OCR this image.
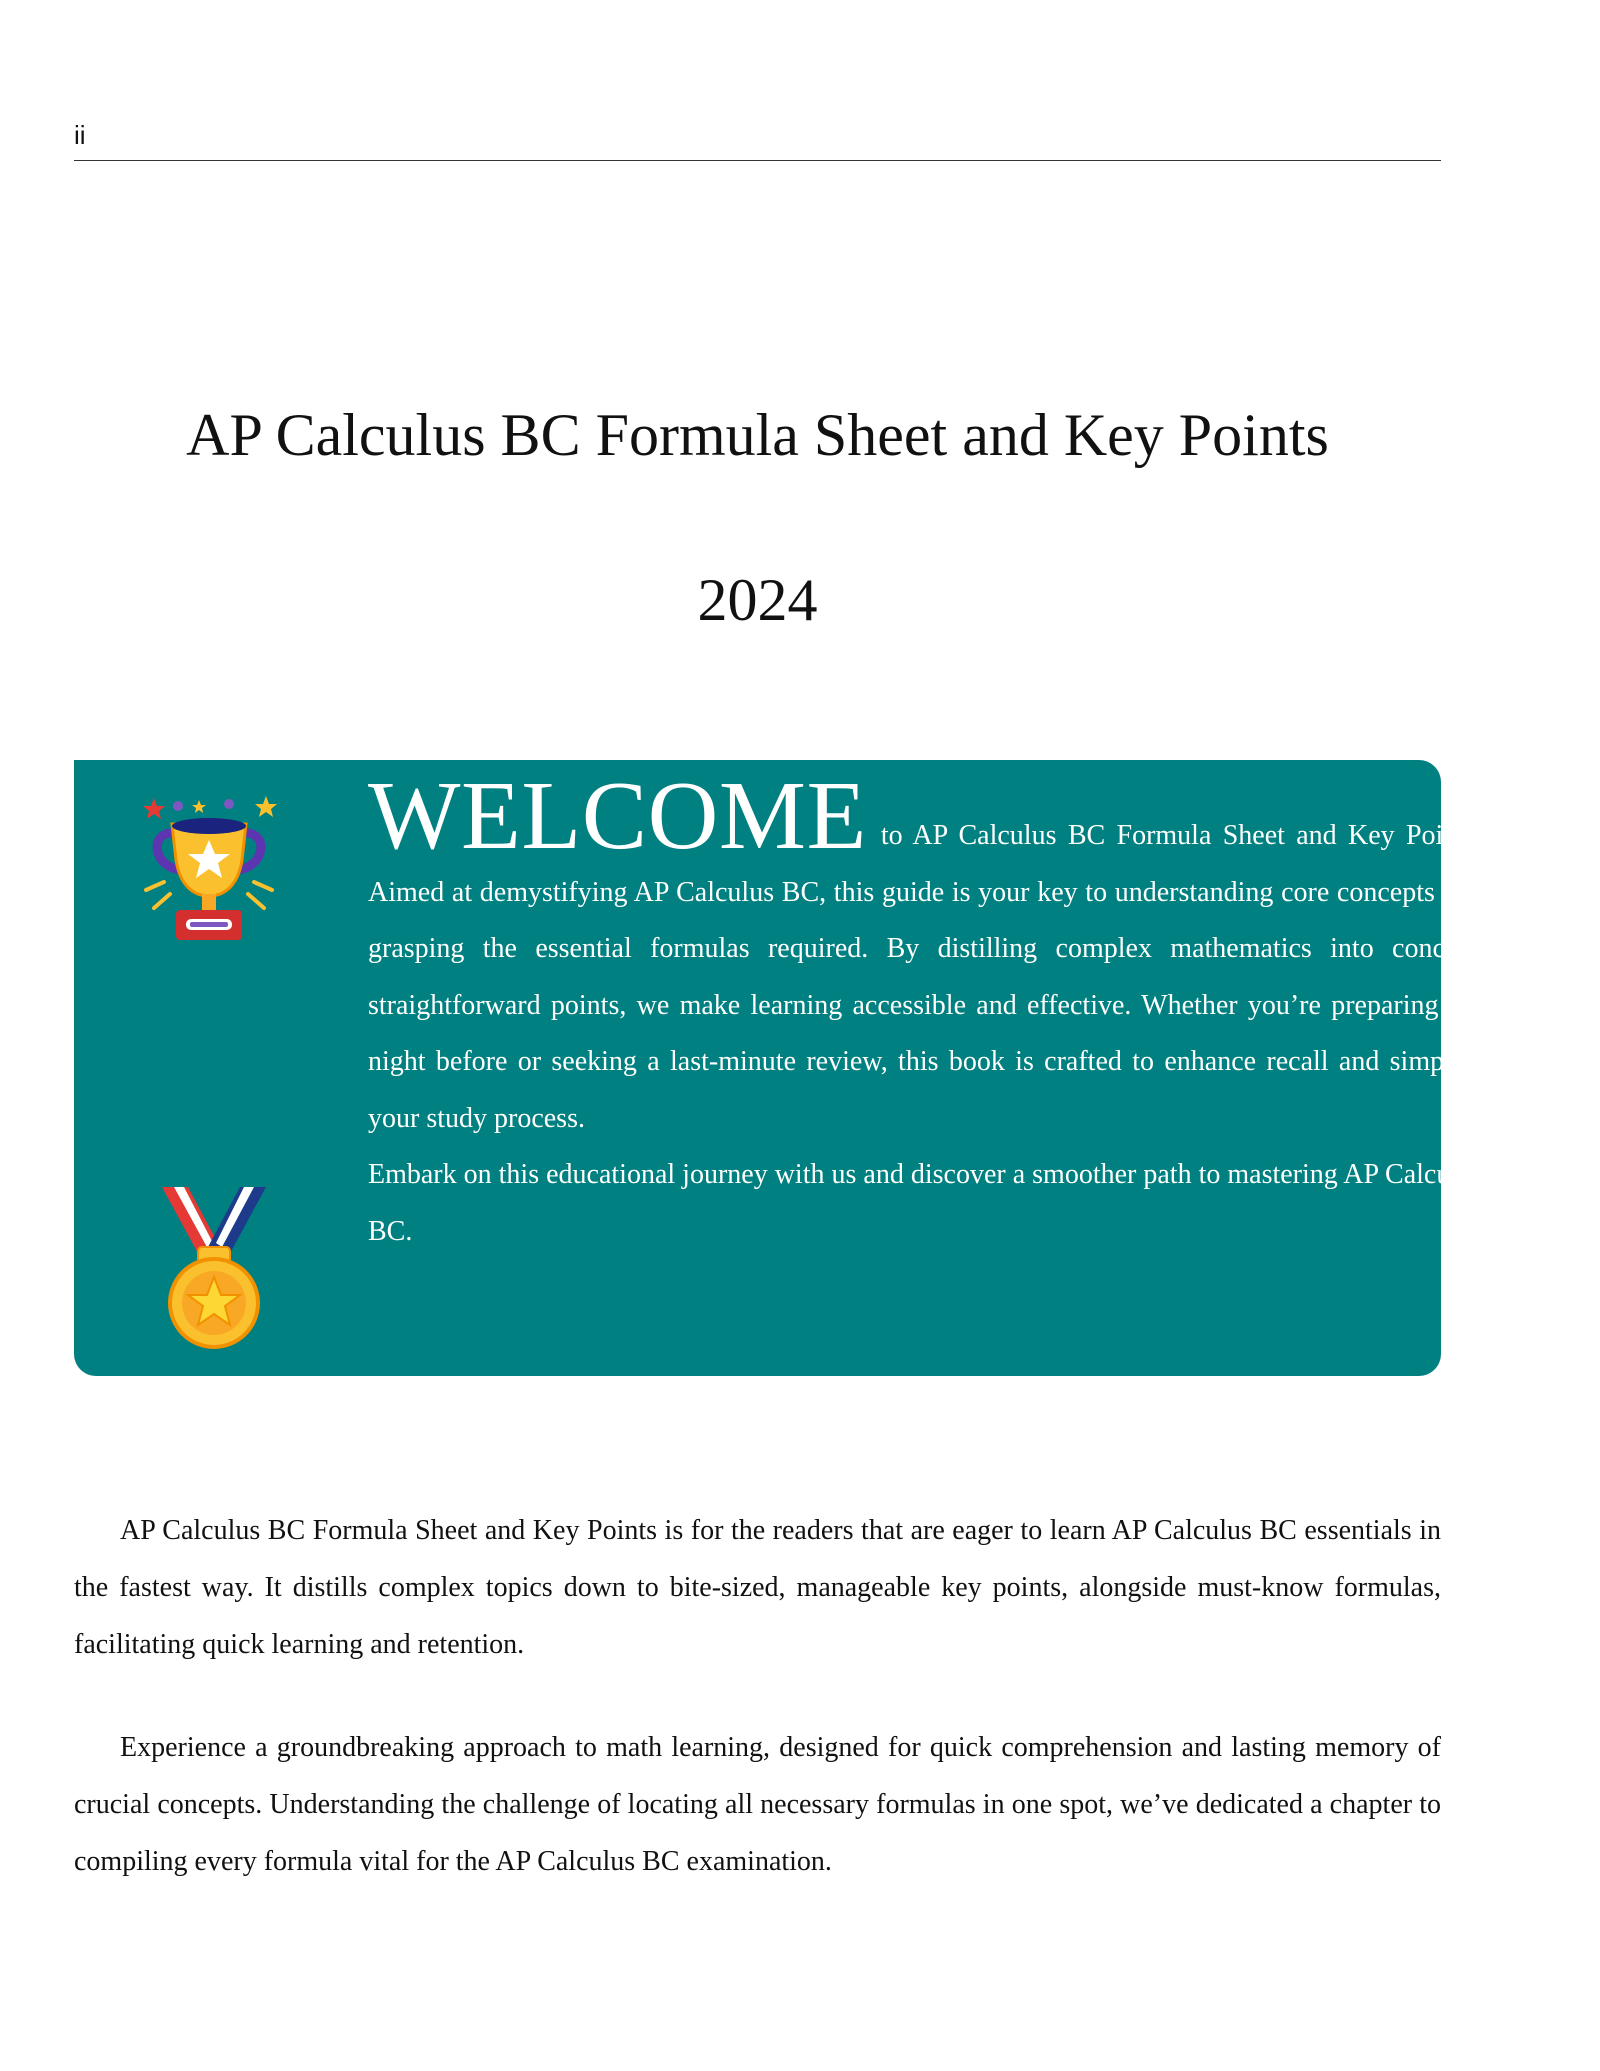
ii
AP Calculus BC Formula Sheet and Key Points
2024

WELCOME to AP Calculus BC Formula Sheet and Key Points. Aimed at demystifying AP Calculus BC, this guide is your key to understanding core concepts and grasping the essential formulas required. By distilling complex mathematics into concise, straightforward points, we make learning accessible and effective. Whether you’re preparing the night before or seeking a last-minute review, this book is crafted to enhance recall and simplify your study process.

Embark on this educational journey with us and discover a smoother path to mastering AP Calculus BC.

AP Calculus BC Formula Sheet and Key Points is for the readers that are eager to learn AP Calculus BC essentials in the fastest way. It distills complex topics down to bite-sized, manageable key points, alongside must-know formulas, facilitating quick learning and retention.

Experience a groundbreaking approach to math learning, designed for quick comprehension and lasting memory of crucial concepts. Understanding the challenge of locating all necessary formulas in one spot, we’ve dedicated a chapter to compiling every formula vital for the AP Calculus BC examination.
